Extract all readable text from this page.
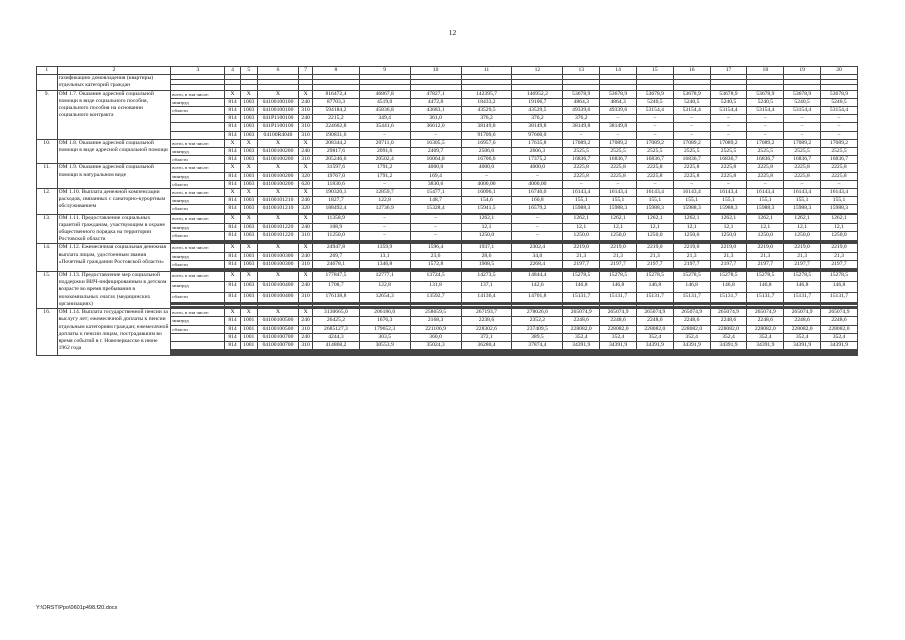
12
1	2	3	4	5	6	7	8	9	10	11	12	13	14	15	16	17	18	19	20
	газификацию домовладения (квартиры) отдельных категорий граждан																		

9.	ОМ 1.7. Оказание адресной социальной помощи в виде социального пособия, социального пособия на основании социального контракта	всего, в том числе:	X	X	X	X	816472,4	46867,8	47827,1	142395,7	146952,2	53678,9	53678,9	53678,9	53678,9	53678,9	53678,9	53678,9	53678,9
		минтруд	814	1003	04100100100	240	87703,3	4519,0	4472,8	18433,2	19106,7	4864,3	4864,3	5240,5	5240,5	5240,5	5240,5	5240,5	5240,5
		области	814	1003	04100100100	310	594184,2	45836,8	43683,1	43529,5	43529,5	49339,6	49339,6	53154,4	53154,4	53154,4	53154,4	53154,4	53154,4
			814	1003	041Р1100100	240	2215,2	349,4	361,0	376,2	376,2	376,2	–	–	–	–	–	–	–
			814	1003	041Р1100100	310	224662,8	35441,6	36612,0	38149,8	38149,8	38149,8	38149,8	–	–	–	–	–	–
			814	1003	04100R4040	310	190831,6	–	–	91709,6	97660,0	–	–	–	–	–	–	–	–
10.	ОМ 1.8. Оказание адресной социальной помощи в виде адресной социальной помощи	всего, в том числе:	X	X	X	X	208344,2	20711,0	16305,5	16957,6	17635,8	17089,2	17089,2	17089,2	17089,2	17089,2	17089,2	17089,2	17089,2
		минтруд	814	1003	04100100200	240	29817,6	2091,6	2409,7	2506,0	2606,3	2525,5	2525,5	2525,5	2525,5	2525,5	2525,5	2525,5	2525,5
		области	814	1003	04100100200	310	205246,6	20502,4	16064,8	16706,6	17375,2	16836,7	16836,7	16836,7	16836,7	16836,7	16836,7	16836,7	16836,7
11.	ОМ 1.9. Оказание адресной социальной помощи в натуральном виде	всего, в том числе:	X	X	X	X	31597,6	1791,2	4000,0	4000,0	4000,0	2225,8	2225,8	2225,8	2225,8	2225,8	2225,8	2225,8	2225,8
		минтруд	814	1003	04100100200	320	19767,0	1791,2	169,4	–	–	2225,8	2225,8	2225,8	2225,8	2225,8	2225,8	2225,8	2225,8
		области	814	1003	04100100200	620	11830,6	–	3830,6	4000,00	4000,00	–	–	–	–	–	–	–	–
12.	ОМ 1.10. Выплата денежной компенсации расходов, связанных с санаторно-курортным обслуживанием	всего, в том числе:	X	X	X	X	190320,1	12859,7	15477,1	16096,1	16740,0	16143,4	16143,4	16143,4	16143,4	16143,4	16143,4	16143,4	16143,4
		минтруд	814	1003	04100101210	240	1827,7	122,8	148,7	154,6	160,8	155,1	155,1	155,1	155,1	155,1	155,1	155,1	155,1
		области	814	1003	04100101210	320	188492,4	12736,9	15328,4	15941,5	16579,2	15988,3	15988,3	15988,3	15988,3	15988,3	15988,3	15988,3	15988,3

13.	ОМ 1.11. Предоставление социальных гарантий гражданам, участвующим в охране общественного порядка на территории Ростовской области	всего, в том числе:	X	X	X	X	11358,9	–	–	1262,1	–	1262,1	1262,1	1262,1	1262,1	1262,1	1262,1	1262,1	1262,1
		минтруд	814	1003	04100101220	240	108,9	–	–	12,1	–	12,1	12,1	12,1	12,1	12,1	12,1	12,1	12,1
		области	814	1003	04100101220	310	11250,0	–	–	1250,0	–	1250,0	1250,0	1250,0	1250,0	1250,0	1250,0	1250,0	1250,0

14.	ОМ 1.12. Ежемесячная социальная денежная выплата лицам, удостоенным звания «Почетный гражданин Ростовской области»	всего, в том числе:	X	X	X	X	24947,8	1359,9	1596,4	1937,1	2302,4	2219,0	2219,0	2219,0	2219,0	2219,0	2219,0	2219,0	2219,0
		минтруд	814	1003	04100100300	240	269,7	13,1	23,6	28,6	34,0	21,3	21,3	21,3	21,3	21,3	21,3	21,3	21,3
		области	814	1003	04100100300	310	24678,1	1346,8	1572,8	1908,5	2268,4	2197,7	2197,7	2197,7	2197,7	2197,7	2197,7	2197,7	2197,7

15.	ОМ 1.13. Предоставление мер социальной поддержки ВИЧ-инфицированным в детском возрасте во время пребывания в нозокомиальных очагах (медицинских организациях)	всего, в том числе:	X	X	X	X	177847,5	12777,1	13724,5	14273,5	14844,4	15278,5	15278,5	15278,5	15278,5	15278,5	15278,5	15278,5	15278,5
		минтруд	814	1003	04100100400	240	1708,7	122,8	131,8	137,1	142,6	146,8	146,8	146,8	146,8	146,8	146,8	146,8	146,8
		области	814	1003	04100100400	310	176138,8	12654,3	13592,7	14136,4	14701,8	15131,7	15131,7	15131,7	15131,7	15131,7	15131,7	15131,7	15131,7

16.	ОМ 1.14. Выплата государственной пенсии за выслугу лет; ежемесячной доплаты к пенсии отдельным категориям граждан; ежемесячной доплаты к пенсии лицам, пострадавшим во время событий в г. Новочеркасске в июне 1962 года	всего, в том числе:	X	X	X	X	3130665,0	206186,0	258659,5	267193,7	278026,6	265074,9	265074,9	265074,9	265074,9	265074,9	265074,9	265074,9	265074,9
		минтруд	814	1001	04100100500	240	26425,2	1676,3	2168,3	2238,6	2352,2	2248,6	2248,6	2248,6	2248,6	2248,6	2248,6	2248,6	2248,6
		области	814	1001	04100100500	310	2685127,3	179652,3	221106,9	228302,6	237409,5	228082,0	228082,0	228082,0	228082,0	228082,0	228082,0	228082,0	228082,0
			814	1001	04100100700	240	4244,3	303,5	360,0	372,1	389,5	352,4	352,4	352,4	352,4	352,4	352,4	352,4	352,4
			814	1001	04100100700	310	414868,2	30553,9	35024,3	36280,4	37874,4	34391,9	34391,9	34391,9	34391,9	34391,9	34391,9	34391,9	34391,9

Y:\ORST\Ppo\0601p498.f20.docx
